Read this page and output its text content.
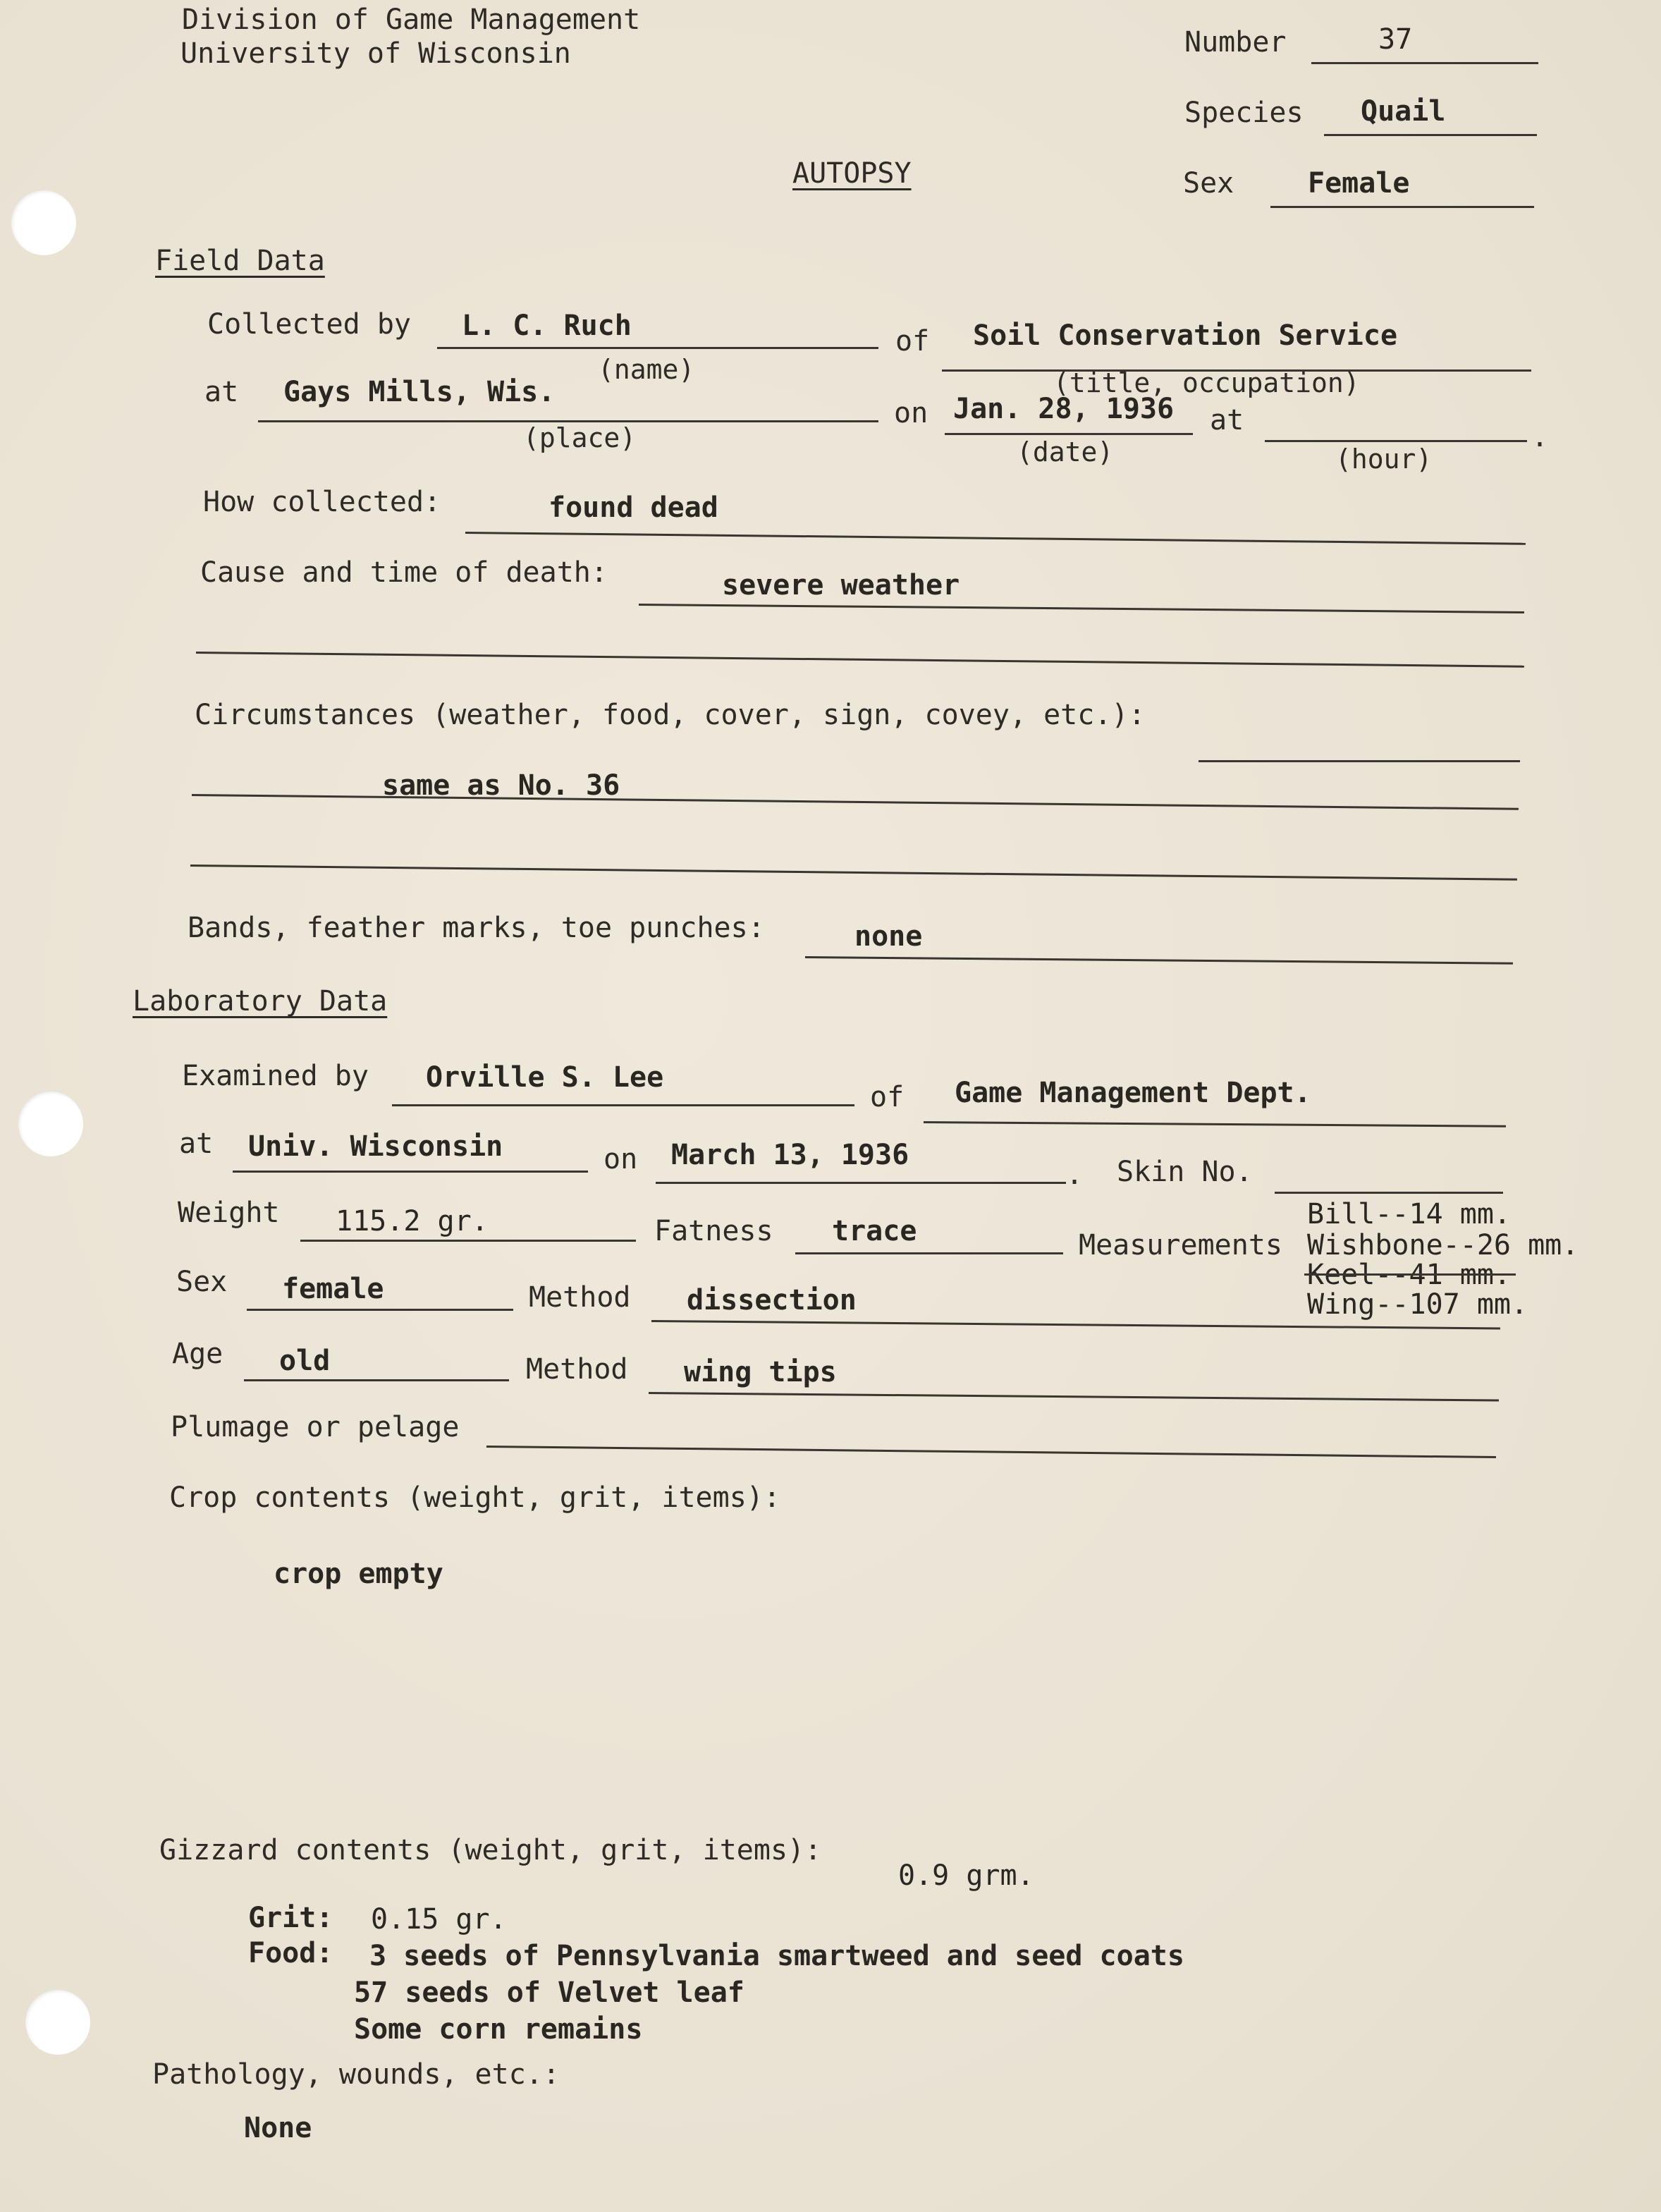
Division of Game Management
University of Wisconsin	Number	37
Species Quail
AUTOPSY	Sex	Female
Field Data
Collected by L. C. Ruch	of Soil Conservation Service
(name)	(title, occupation)
at Gays Mills, Wis.
on Jan. 28, 1936 at
.
(place)	(date)	(hour)
How collected:	found dead
Cause and time of death:	severe weather
Circumstances (weather, food, cover, sign, covey, etc.):
same as No. 36
Bands, feather marks, toe punches:	none
Laboratory Data
Examined by Orville S. Lee
of Game Management Dept.
at Univ. Wisconsin	on March 13, 1936
. Skin No.
Weight 115.2 gr.	Fatness trace	Measurements
Bill--14 mm.
Wishbone--26 mm.
Keel--41 mm.
Wing--107 mm.
Sex female	Method dissection
Age old	Method wing tips
Plumage or pelage
Crop contents (weight, grit, items):
crop empty
Gizzard contents (weight, grit, items):
0.9 grm.
Grit: 0.15 gr.
Food: 3 seeds of Pennsylvania smartweed and seed coats
57 seeds of Velvet leaf
Some corn remains
Pathology, wounds, etc.:
None
